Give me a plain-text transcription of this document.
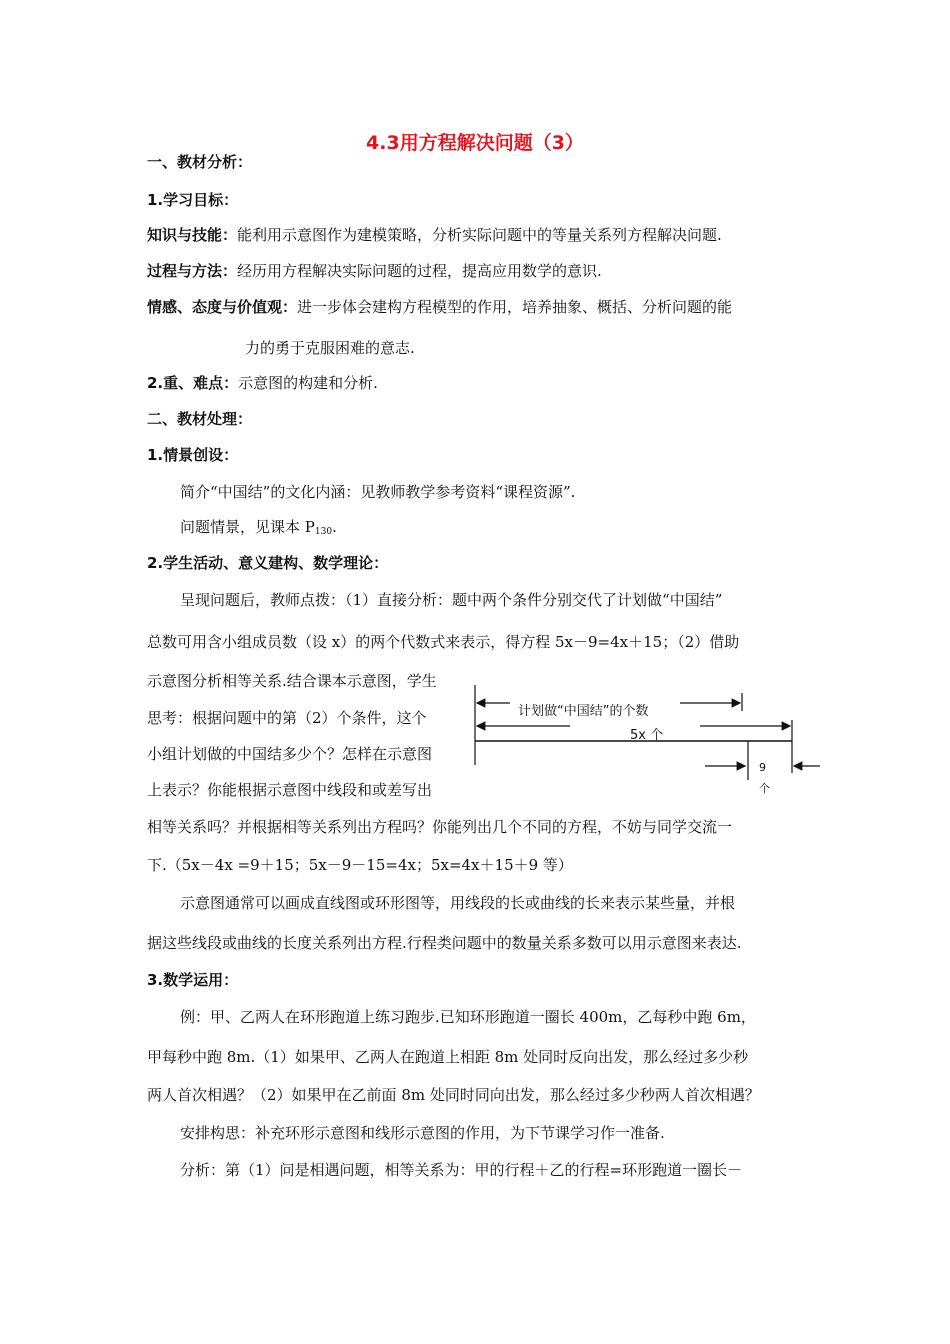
4.3用方程解决问题（3）
一、教材分析：
1.学习目标：
知识与技能：能利用示意图作为建模策略，分析实际问题中的等量关系列方程解决问题.
过程与方法：经历用方程解决实际问题的过程，提高应用数学的意识.
情感、态度与价值观：进一步体会建构方程模型的作用，培养抽象、概括、分析问题的能
力的勇于克服困难的意志.
2.重、难点：示意图的构建和分析.
二、教材处理：
1.情景创设：
简介“中国结”的文化内涵：见教师教学参考资料“课程资源”.
问题情景，见课本 $P_{130}$.
2.学生活动、意义建构、数学理论：
呈现问题后，教师点拨：（1）直接分析：题中两个条件分别交代了计划做“中国结”
总数可用含小组成员数（设 x）的两个代数式来表示，得方程 5x－9=4x＋15；（2）借助
示意图分析相等关系.结合课本示意图，学生
思考：根据问题中的第（2）个条件，这个
小组计划做的中国结多少个？怎样在示意图
上表示？你能根据示意图中线段和或差写出
相等关系吗？并根据相等关系列出方程吗？你能列出几个不同的方程，不妨与同学交流一
下.（5x－4x =9＋15；5x－9－15=4x；5x=4x＋15＋9 等）
计划做“中国结”的个数
5x 个
9
个
示意图通常可以画成直线图或环形图等，用线段的长或曲线的长来表示某些量，并根
据这些线段或曲线的长度关系列出方程.行程类问题中的数量关系多数可以用示意图来表达.
3.数学运用：
例：甲、乙两人在环形跑道上练习跑步.已知环形跑道一圈长 400m，乙每秒中跑 6m，
甲每秒中跑 8m.（1）如果甲、乙两人在跑道上相距 8m 处同时反向出发，那么经过多少秒
两人首次相遇？（2）如果甲在乙前面 8m 处同时同向出发，那么经过多少秒两人首次相遇？
安排构思：补充环形示意图和线形示意图的作用，为下节课学习作一准备.
分析：第（1）问是相遇问题，相等关系为：甲的行程＋乙的行程=环形跑道一圈长－
